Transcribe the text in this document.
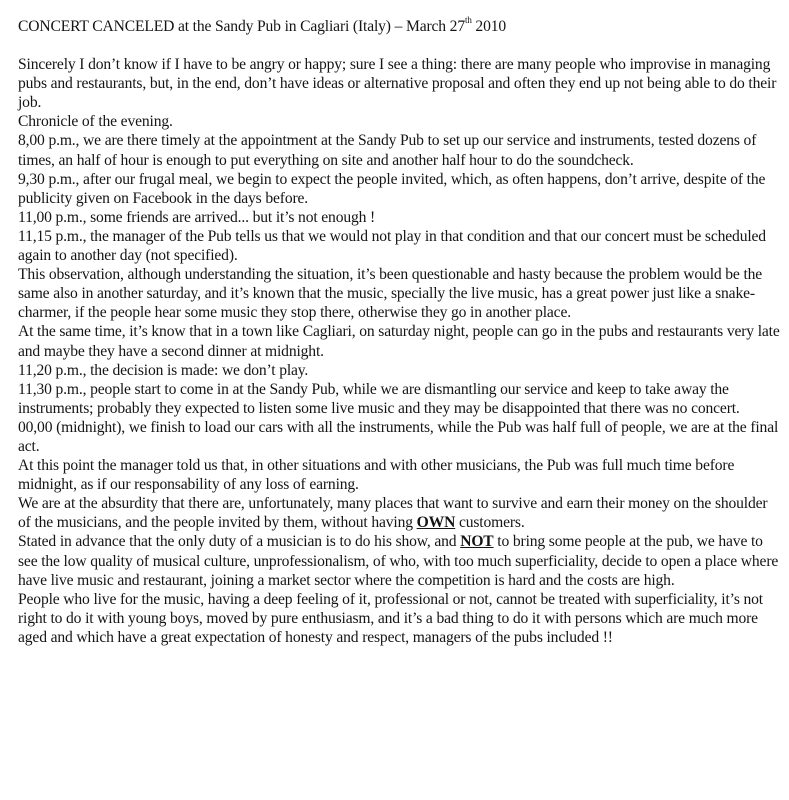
CONCERT CANCELED at the Sandy Pub in Cagliari (Italy) – March 27th 2010

Sincerely I don’t know if I have to be angry or happy; sure I see a thing: there are many people who improvise in managing pubs and restaurants, but, in the end, don’t have ideas or alternative proposal and often they end up not being able to do their job.

Chronicle of the evening.

8,00 p.m., we are there timely at the appointment at the Sandy Pub to set up our service and instruments, tested dozens of times, an half of hour is enough to put everything on site and another half hour to do the soundcheck.

9,30 p.m., after our frugal meal, we begin to expect the people invited, which, as often happens, don’t arrive, despite of the publicity given on Facebook in the days before.

11,00 p.m., some friends are arrived... but it’s not enough !

11,15 p.m., the manager of the Pub tells us that we would not play in that condition and that our concert must be scheduled again to another day (not specified).

This observation, although understanding the situation, it’s been questionable and hasty because the problem would be the same also in another saturday, and it’s known that the music, specially the live music, has a great power just like a snake-charmer, if the people hear some music they stop there, otherwise they go in another place.

At the same time, it’s know that in a town like Cagliari, on saturday night, people can go in the pubs and restaurants very late and maybe they have a second dinner at midnight.

11,20 p.m., the decision is made: we don’t play.

11,30 p.m., people start to come in at the Sandy Pub, while we are dismantling our service and keep to take away the instruments; probably they expected to listen some live music and they may be disappointed that there was no concert.

00,00 (midnight), we finish to load our cars with all the instruments, while the Pub was half full of people, we are at the final act.

At this point the manager told us that, in other situations and with other musicians, the Pub was full much time before midnight, as if our responsability of any loss of earning.

We are at the absurdity that there are, unfortunately, many places that want to survive and earn their money on the shoulder of the musicians, and the people invited by them, without having OWN customers.

Stated in advance that the only duty of a musician is to do his show, and NOT to bring some people at the pub, we have to see the low quality of musical culture, unprofessionalism, of who, with too much superficiality, decide to open a place where have live music and restaurant, joining a market sector where the competition is hard and the costs are high.

People who live for the music, having a deep feeling of it, professional or not, cannot be treated with superficiality, it’s not right to do it with young boys, moved by pure enthusiasm, and it’s a bad thing to do it with persons which are much more aged and which have a great expectation of honesty and respect, managers of the pubs included !!
